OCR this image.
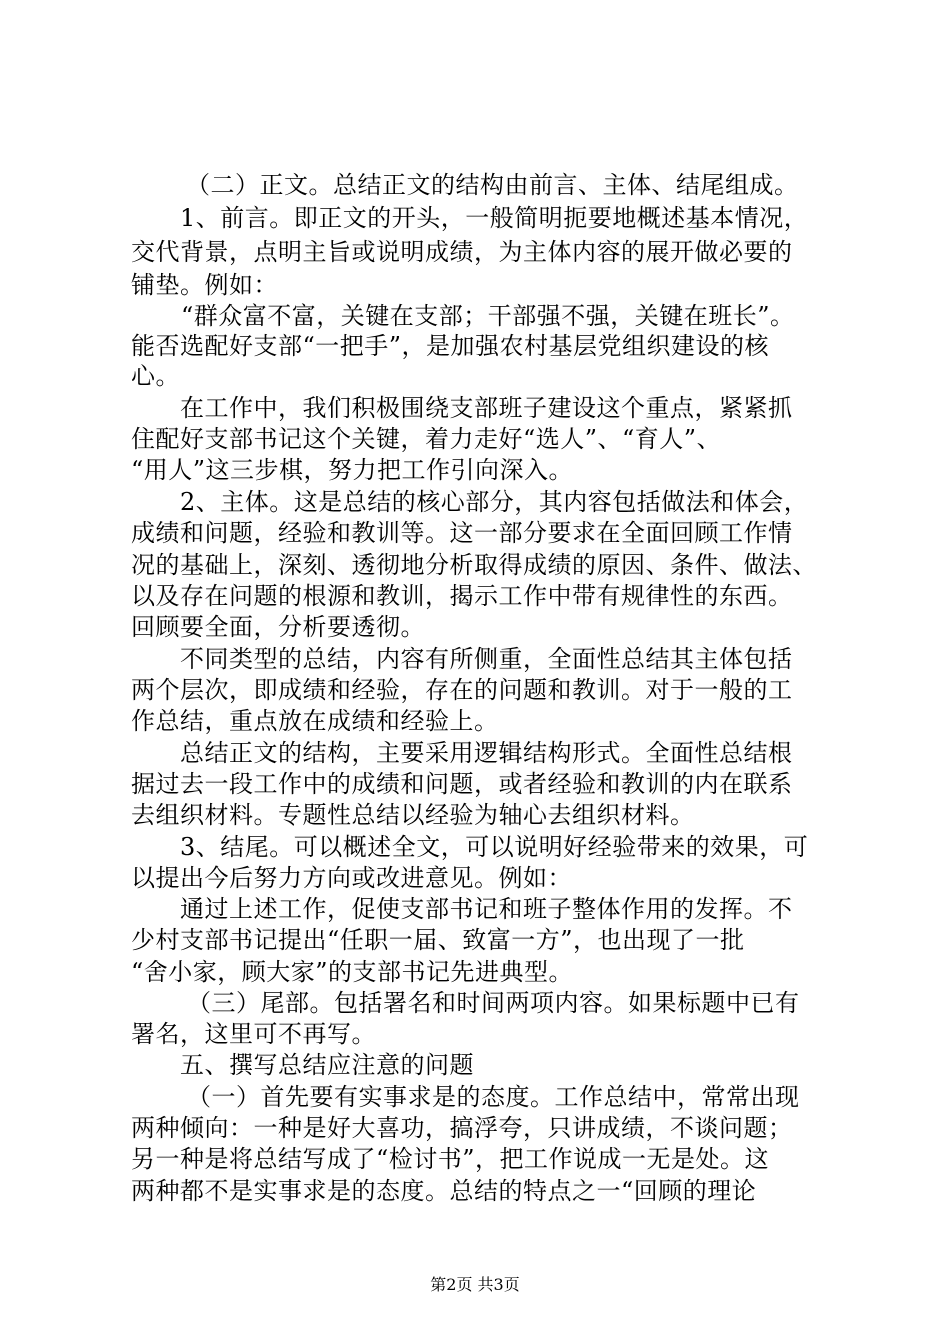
（二）正文。总结正文的结构由前言、主体、结尾组成。
1、前言。即正文的开头，一般简明扼要地概述基本情况，
交代背景，点明主旨或说明成绩，为主体内容的展开做必要的
铺垫。例如：
“群众富不富，关键在支部；干部强不强，关键在班长”。
能否选配好支部“一把手”，是加强农村基层党组织建设的核
心。
在工作中，我们积极围绕支部班子建设这个重点，紧紧抓
住配好支部书记这个关键，着力走好“选人”、“育人”、
“用人”这三步棋，努力把工作引向深入。
2、主体。这是总结的核心部分，其内容包括做法和体会，
成绩和问题，经验和教训等。这一部分要求在全面回顾工作情
况的基础上，深刻、透彻地分析取得成绩的原因、条件、做法、
以及存在问题的根源和教训，揭示工作中带有规律性的东西。
回顾要全面，分析要透彻。
不同类型的总结，内容有所侧重，全面性总结其主体包括
两个层次，即成绩和经验，存在的问题和教训。对于一般的工
作总结，重点放在成绩和经验上。
总结正文的结构，主要采用逻辑结构形式。全面性总结根
据过去一段工作中的成绩和问题，或者经验和教训的内在联系
去组织材料。专题性总结以经验为轴心去组织材料。
3、结尾。可以概述全文，可以说明好经验带来的效果，可
以提出今后努力方向或改进意见。例如：
通过上述工作，促使支部书记和班子整体作用的发挥。不
少村支部书记提出“任职一届、致富一方”，也出现了一批
“舍小家，顾大家”的支部书记先进典型。
（三）尾部。包括署名和时间两项内容。如果标题中已有
署名，这里可不再写。
五、撰写总结应注意的问题
（一）首先要有实事求是的态度。工作总结中，常常出现
两种倾向：一种是好大喜功，搞浮夸，只讲成绩，不谈问题；
另一种是将总结写成了“检讨书”，把工作说成一无是处。这
两种都不是实事求是的态度。总结的特点之一“回顾的理论
第2页 共3页
